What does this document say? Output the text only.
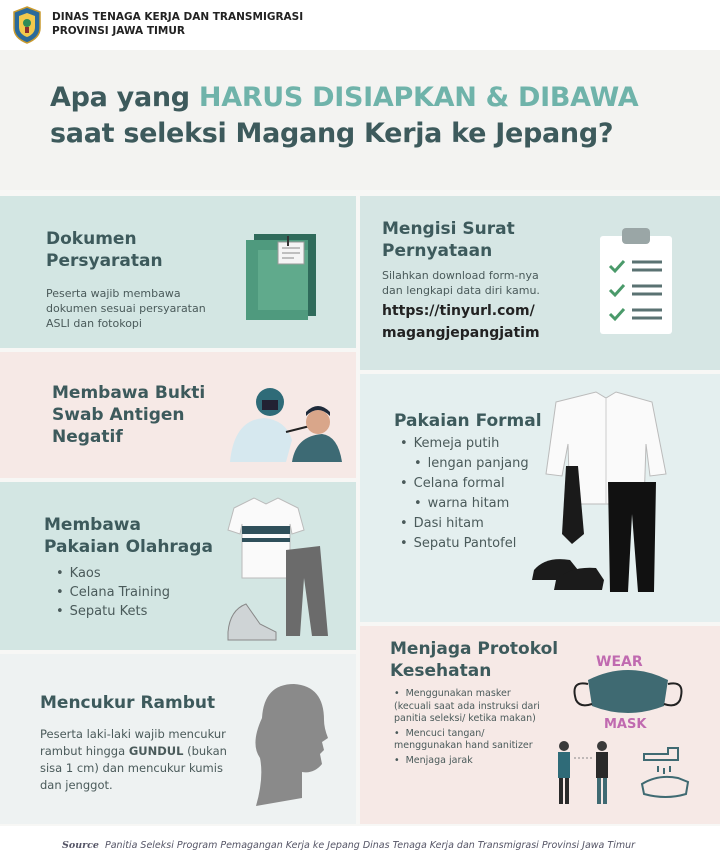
DINAS TENAGA KERJA DAN TRANSMIGRASI
PROVINSI JAWA TIMUR
Apa yang HARUS DISIAPKAN & DIBAWA
saat seleksi Magang Kerja ke Jepang?
Dokumen
Persyaratan
Peserta wajib membawa
dokumen sesuai persyaratan
ASLI dan fotokopi
Mengisi Surat
Pernyataan
Silahkan download form-nya
dan lengkapi data diri kamu.
https://tinyurl.com/
magangjepangjatim
Membawa Bukti
Swab Antigen
Negatif
Pakaian Formal
• Kemeja putih
• lengan panjang
• Celana formal
• warna hitam
• Dasi hitam
• Sepatu Pantofel
Membawa
Pakaian Olahraga
• Kaos
• Celana Training
• Sepatu Kets
Mencukur Rambut
Peserta laki-laki wajib mencukur
rambut hingga GUNDUL (bukan
sisa 1 cm) dan mencukur kumis
dan jenggot.
Menjaga Protokol
Kesehatan
• Menggunakan masker (kecuali saat ada instruksi dari panitia seleksi/ ketika makan)
• Mencuci tangan/ menggunakan hand sanitizer
• Menjaga jarak
WEAR
MASK
Source Panitia Seleksi Program Pemagangan Kerja ke Jepang Dinas Tenaga Kerja dan Transmigrasi Provinsi Jawa Timur
